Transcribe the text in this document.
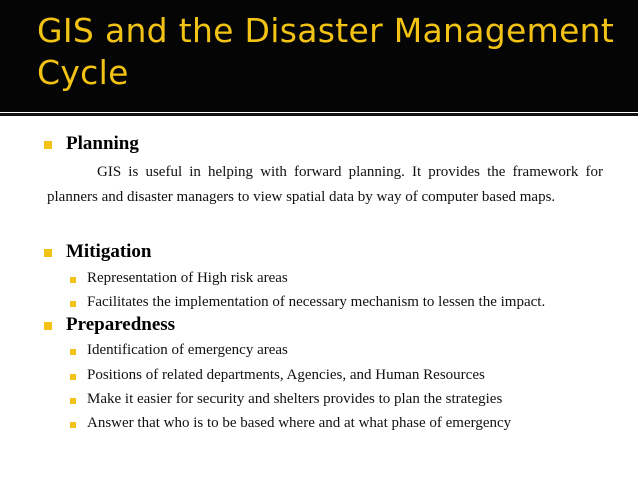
GIS and the Disaster Management Cycle
Planning
GIS is useful in helping with forward planning. It provides the framework for planners and disaster managers to view spatial data by way of computer based maps.
Mitigation
Representation of High risk areas
Facilitates the implementation of necessary mechanism to lessen the impact.
Preparedness
Identification of emergency areas
Positions of related departments, Agencies, and Human Resources
Make it easier for security and shelters provides to plan the strategies
Answer that who is to be based where and at what phase of emergency
